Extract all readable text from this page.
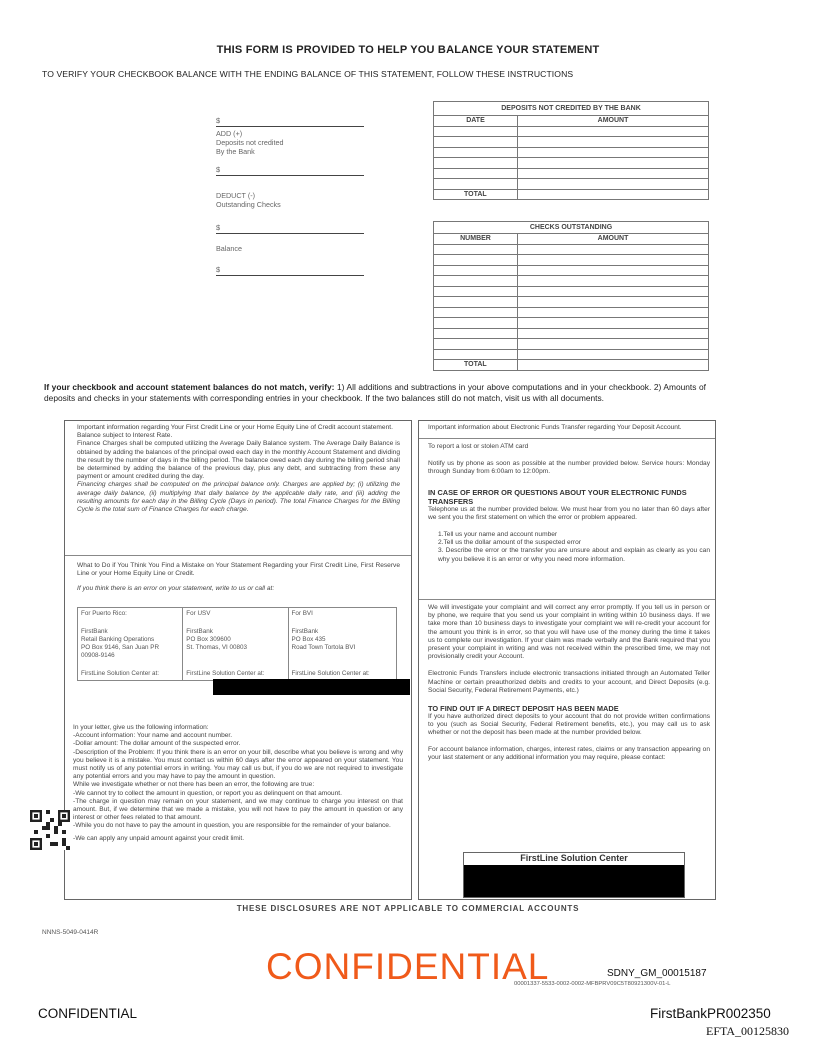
THIS FORM IS PROVIDED TO HELP YOU BALANCE YOUR STATEMENT
TO VERIFY YOUR CHECKBOOK BALANCE WITH THE ENDING BALANCE OF THIS STATEMENT, FOLLOW THESE INSTRUCTIONS
$
ADD (+)
Deposits not credited
By the Bank
$
DEDUCT (-)
Outstanding Checks
$
Balance
$
DEPOSITS NOT CREDITED BY THE BANK	
DATE	AMOUNT

TOTAL	
CHECKS OUTSTANDING	
NUMBER	AMOUNT

TOTAL	
If your checkbook and account statement balances do not match, verify: 1) All additions and subtractions in your above computations and in your checkbook. 2) Amounts of deposits and checks in your statements with corresponding entries in your checkbook. If the two balances still do not match, visit us with all documents.
Important information regarding Your First Credit Line or your Home Equity Line of Credit account statement.
Balance subject to Interest Rate.
Finance Charges shall be computed utilizing the Average Daily Balance system. The Average Daily Balance is obtained by adding the balances of the principal owed each day in the monthly Account Statement and dividing the result by the number of days in the billing period. The balance owed each day during the billing period shall be determined by adding the balance of the previous day, plus any debt, and subtracting from these any payment or amount credited during the day.
Financing charges shall be computed on the principal balance only. Charges are applied by; (i) utilizing the average daily balance, (ii) multiplying that daily balance by the applicable daily rate, and (iii) adding the resulting amounts for each day in the Billing Cycle (Days in period). The total Finance Charges for the Billing Cycle is the total sum of Finance Charges for each charge.
What to Do if You Think You Find a Mistake on Your Statement Regarding your First Credit Line, First Reserve Line or your Home Equity Line or Credit.
If you think there is an error on your statement, write to us or call at:
For Puerto Rico:
FirstBank
Retail Banking Operations
PO Box 9146, San Juan PR
00908-9146
FirstLine Solution Center at:

For USV
FirstBank
PO Box 309600
St. Thomas, VI 00803
FirstLine Solution Center at:

For BVI
FirstBank
PO Box 435
Road Town Tortola BVI
FirstLine Solution Center at:
In your letter, give us the following information:
-Account information: Your name and account number.
-Dollar amount: The dollar amount of the suspected error.
-Description of the Problem: If you think there is an error on your bill, describe what you believe is wrong and why you believe it is a mistake. You must contact us within 60 days after the error appeared on your statement. You must notify us of any potential errors in writing. You may call us but, if you do we are not required to investigate any potential errors and you may have to pay the amount in question.
While we investigate whether or not there has been an error, the following are true:
-We cannot try to collect the amount in question, or report you as delinquent on that amount.
-The charge in question may remain on your statement, and we may continue to charge you interest on that amount. But, if we determine that we made a mistake, you will not have to pay the amount in question or any interest or other fees related to that amount.
-While you do not have to pay the amount in question, you are responsible for the remainder of your balance.
-We can apply any unpaid amount against your credit limit.
Important information about Electronic Funds Transfer regarding Your Deposit Account.
To report a lost or stolen ATM card
Notify us by phone as soon as possible at the number provided below. Service hours: Monday through Sunday from 6:00am to 12:00pm.
IN CASE OF ERROR OR QUESTIONS ABOUT YOUR ELECTRONIC FUNDS TRANSFERS
Telephone us at the number provided below. We must hear from you no later than 60 days after we sent you the first statement on which the error or problem appeared.
1.Tell us your name and account number
2.Tell us the dollar amount of the suspected error
3. Describe the error or the transfer you are unsure about and explain as clearly as you can why you believe it is an error or why you need more information.
We will investigate your complaint and will correct any error promptly. If you tell us in person or by phone, we require that you send us your complaint in writing within 10 business days. If we take more than 10 business days to investigate your complaint we will re-credit your account for the amount you think is in error, so that you will have use of the money during the time it takes us to complete our investigation. If your claim was made verbally and the Bank required that you present your complaint in writing and was not received within the prescribed time, we may not provisionally credit your Account.
Electronic Funds Transfers include electronic transactions initiated through an Automated Teller Machine or certain preauthorized debits and credits to your account, and Direct Deposits (e.g. Social Security, Federal Retirement Payments, etc.)
TO FIND OUT IF A DIRECT DEPOSIT HAS BEEN MADE
If you have authorized direct deposits to your account that do not provide written confirmations to you (such as Social Security, Federal Retirement benefits, etc.), you may call us to ask whether or not the deposit has been made at the number provided below.
For account balance information, charges, interest rates, claims or any transaction appearing on your last statement or any additional information you may require, please contact:
FirstLine Solution Center
THESE DISCLOSURES ARE NOT APPLICABLE TO COMMERCIAL ACCOUNTS
NNNS-5049-0414R
CONFIDENTIAL	SDNY_GM_00015187
00001337-5533-0002-0002-MFBPRV09C5T80921300V-01-L
CONFIDENTIAL	FirstBankPR002350
EFTA_00125830
